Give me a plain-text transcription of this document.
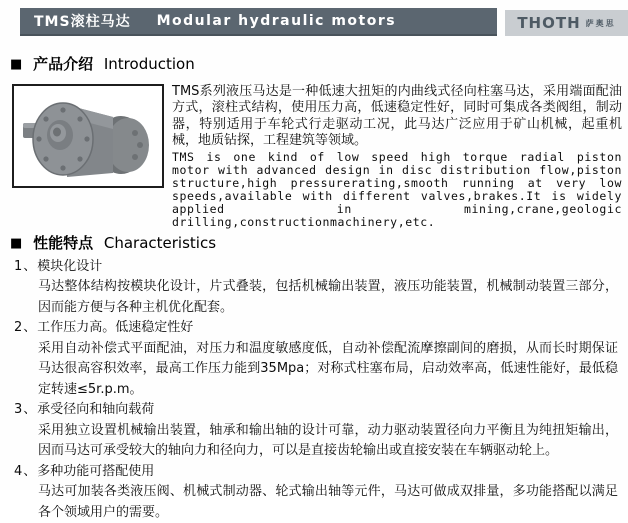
TMS滚柱马达 Modular hydraulic motors	THOTH 萨奥思
■ 产品介绍 Introduction

TMS系列液压马达是一种低速大扭矩的内曲线式径向柱塞马达，采用端面配油方式，滚柱式结构，使用压力高，低速稳定性好，同时可集成各类阀组，制动器，特别适用于车轮式行走驱动工况，此马达广泛应用于矿山机械，起重机械，地质钻探，工程建筑等领域。

TMS is one kind of low speed high torque radial piston motor with advanced design in disc distribution flow,piston structure,high pressurerating,smooth running at very low speeds,available with different valves,brakes.It is widely applied in mining,crane,geologic drilling,constructionmachinery,etc.

■ 性能特点 Characteristics
1、模块化设计

马达整体结构按模块化设计，片式叠装，包括机械输出装置，液压功能装置，机械制动装置三部分，因而能方便与各种主机优化配套。

2、工作压力高。低速稳定性好

采用自动补偿式平面配油，对压力和温度敏感度低，自动补偿配流摩擦副间的磨损，从而长时期保证马达很高容积效率，最高工作压力能到35Mpa；对称式柱塞布局，启动效率高，低速性能好，最低稳定转速≤5r.p.m。

3、承受径向和轴向载荷

采用独立设置机械输出装置，轴承和输出轴的设计可靠，动力驱动装置径向力平衡且为纯扭矩输出，因而马达可承受较大的轴向力和径向力，可以是直接齿轮输出或直接安装在车辆驱动轮上。

4、多种功能可搭配使用

马达可加装各类液压阀、机械式制动器、轮式输出轴等元件，马达可做成双排量，多功能搭配以满足各个领域用户的需要。
